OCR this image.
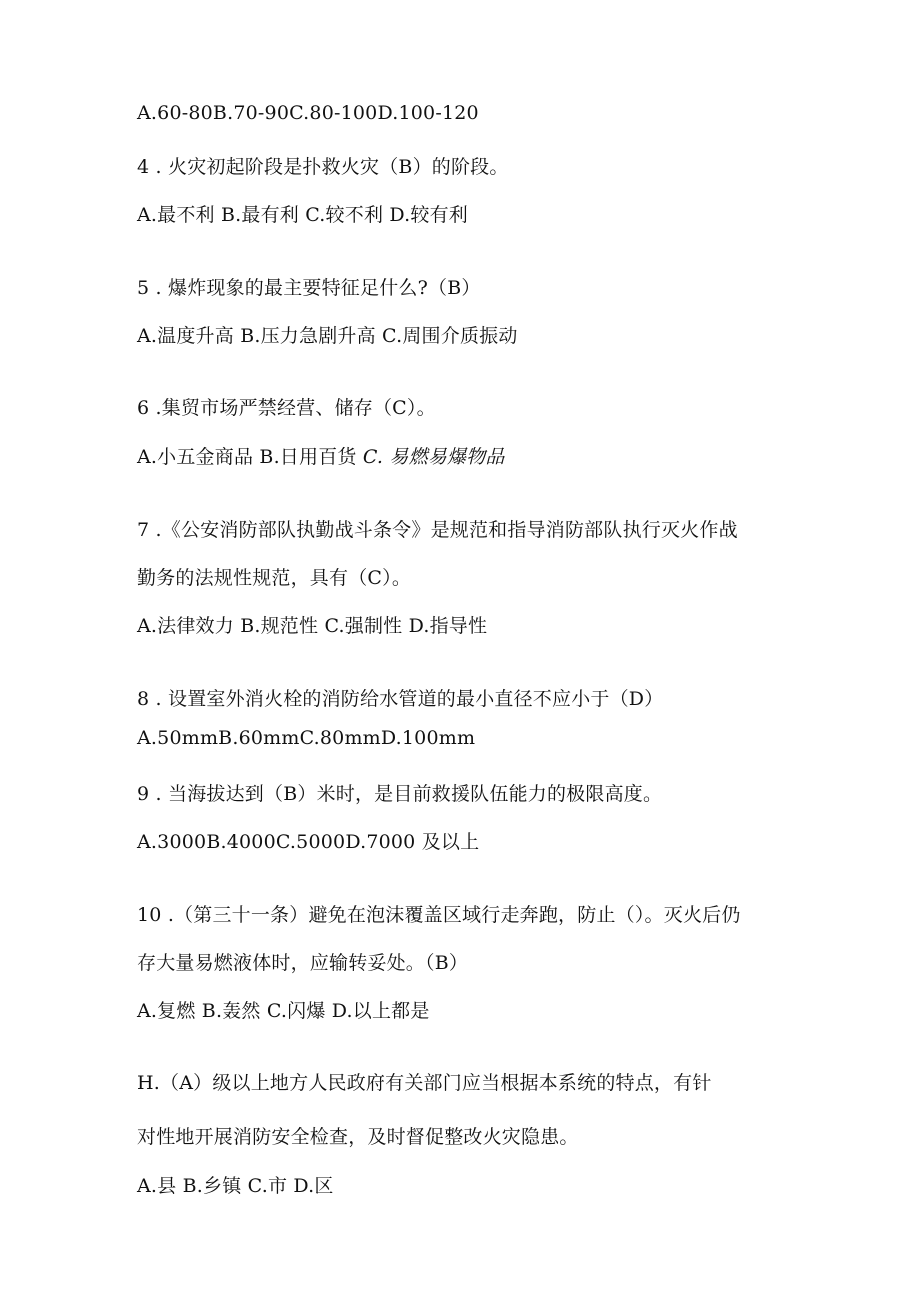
A.60-80B.70-90C.80-100D.100-120
4 . 火灾初起阶段是扑救火灾（B）的阶段。
A.最不利 B.最有利 C.较不利 D.较有利
5 . 爆炸现象的最主要特征足什么?（B）
A.温度升高 B.压力急剧升高 C.周围介质振动
6 .集贸市场严禁经营、储存（C）。
A.小五金商品 B.日用百货 C. 易燃易爆物品
7 .《公安消防部队执勤战斗条令》是规范和指导消防部队执行灭火作战
勤务的法规性规范，具有（C）。
A.法律效力 B.规范性 C.强制性 D.指导性
8 . 设置室外消火栓的消防给水管道的最小直径不应小于（D）
A.50mmB.60mmC.80mmD.100mm
9 . 当海拔达到（B）米时，是目前救援队伍能力的极限高度。
A.3000B.4000C.5000D.7000 及以上
10 .（第三十一条）避免在泡沫覆盖区域行走奔跑，防止（）。灭火后仍
存大量易燃液体时，应输转妥处。（B）
A.复燃 B.轰然 C.闪爆 D.以上都是
H.（A）级以上地方人民政府有关部门应当根据本系统的特点，有针
对性地开展消防安全检查，及时督促整改火灾隐患。
A.县 B.乡镇 C.市 D.区
